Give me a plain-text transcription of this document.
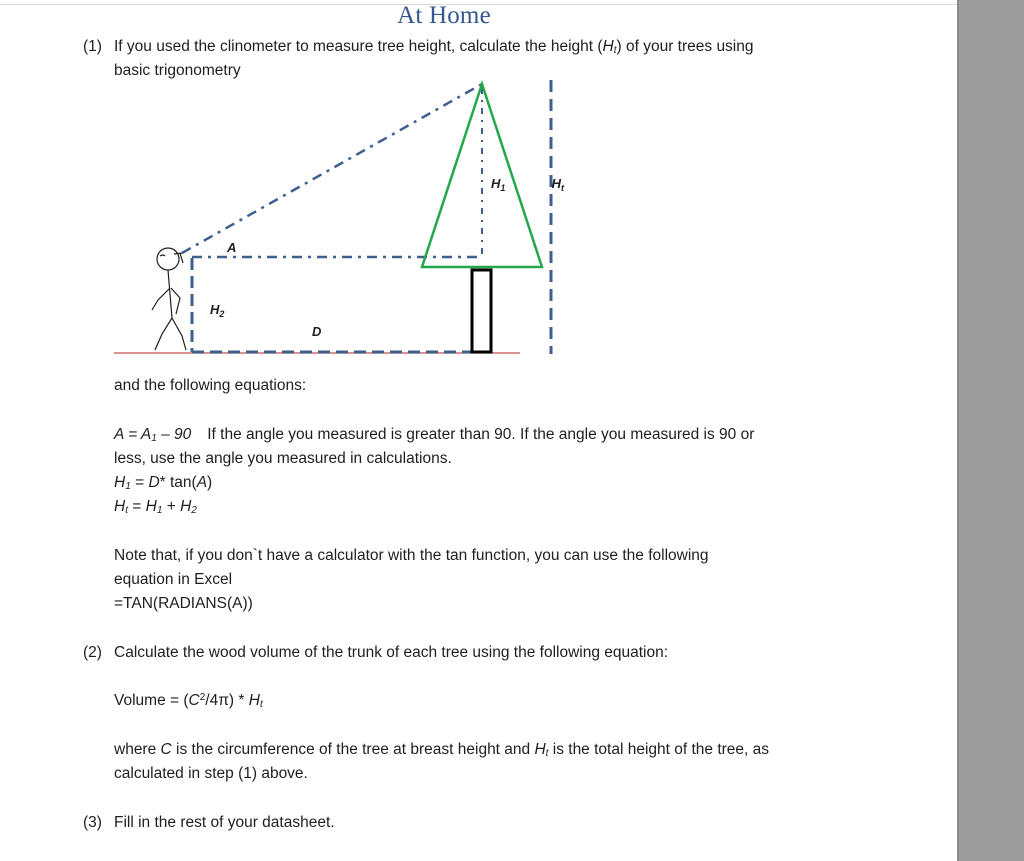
At Home
(1) If you used the clinometer to measure tree height, calculate the height $(H_t)$ of your trees using
basic trigonometry
A
$H_1$	$H_t$
$H_2$
D
and the following equations:
$A = A_1 - 90$ If the angle you measured is greater than 90. If the angle you measured is 90 or
less, use the angle you measured in calculations.
$H_1 = D*$ tan(A)
$H_t = H_1 + H_2$
Note that, if you don`t have a calculator with the tan function, you can use the following
equation in Excel
=TAN(RADIANS(A))
(2) Calculate the wood volume of the trunk of each tree using the following equation:
Volume = $(C^2/4\pi) * H_t$
where C is the circumference of the tree at breast height and $H_t$ is the total height of the tree, as
calculated in step (1) above.
(3) Fill in the rest of your datasheet.
